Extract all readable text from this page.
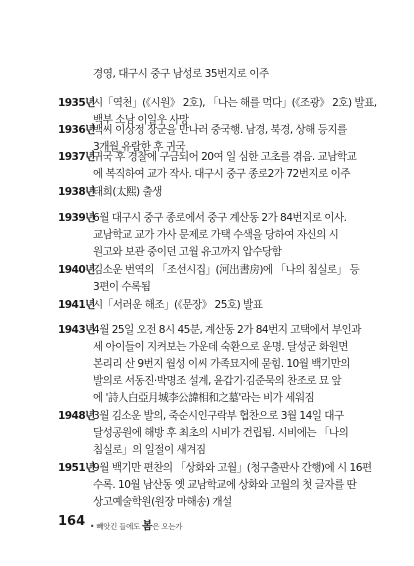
경영, 대구시 중구 남성로 35번지로 이주
1935년
시「역천」(《시원》 2호), 「나는 해를 먹다」(《조광》 2호) 발표,
백부 소남 이일우 사망
1936년
백씨 이상정 장군을 만나러 중국행. 남경, 북경, 상해 등지를
3개월 유람한 후 귀국
1937년
귀국 후 경찰에 구금되어 20여 일 심한 고초를 겪음. 교남학교
에 복직하여 교가 작사. 대구시 중구 종로2가 72번지로 이주
1938년
태희(太熙) 출생
1939년
6월 대구시 중구 종로에서 중구 계산동 2가 84번지로 이사.
교남학교 교가 가사 문제로 가택 수색을 당하여 자신의 시
원고와 보관 중이던 고월 유고까지 압수당함
1940년
김소운 번역의 「조선시집」(河出書房)에 「나의 침실로」 등
3편이 수록됨
1941년
시「서러운 해조」(《문장》 25호) 발표
1943년
4월 25일 오전 8시 45분, 계산동 2가 84번지 고택에서 부인과
세 아이들이 지켜보는 가운데 숙환으로 운명. 달성군 화원면
본리리 산 9번지 월성 이씨 가족묘지에 묻힘. 10월 백기만의
발의로 서동진·박명조 설계, 윤갑기·김준묵의 찬조로 묘 앞
에 '詩人白亞月城李公諱相和之墓'라는 비가 세워짐
1948년
3월 김소운 발의, 죽순시인구락부 협찬으로 3월 14일 대구
달성공원에 해방 후 최초의 시비가 건립됨. 시비에는 「나의
침실로」의 일절이 새겨짐
1951년
9월 백기만 편찬의 「상화와 고월」(청구출판사 간행)에 시 16편
수록. 10월 남산동 옛 교남학교에 상화와 고월의 첫 글자를 딴
상고예술학원(원장 마해송) 개설
164 • 빼앗긴 들에도 봄은 오는가
